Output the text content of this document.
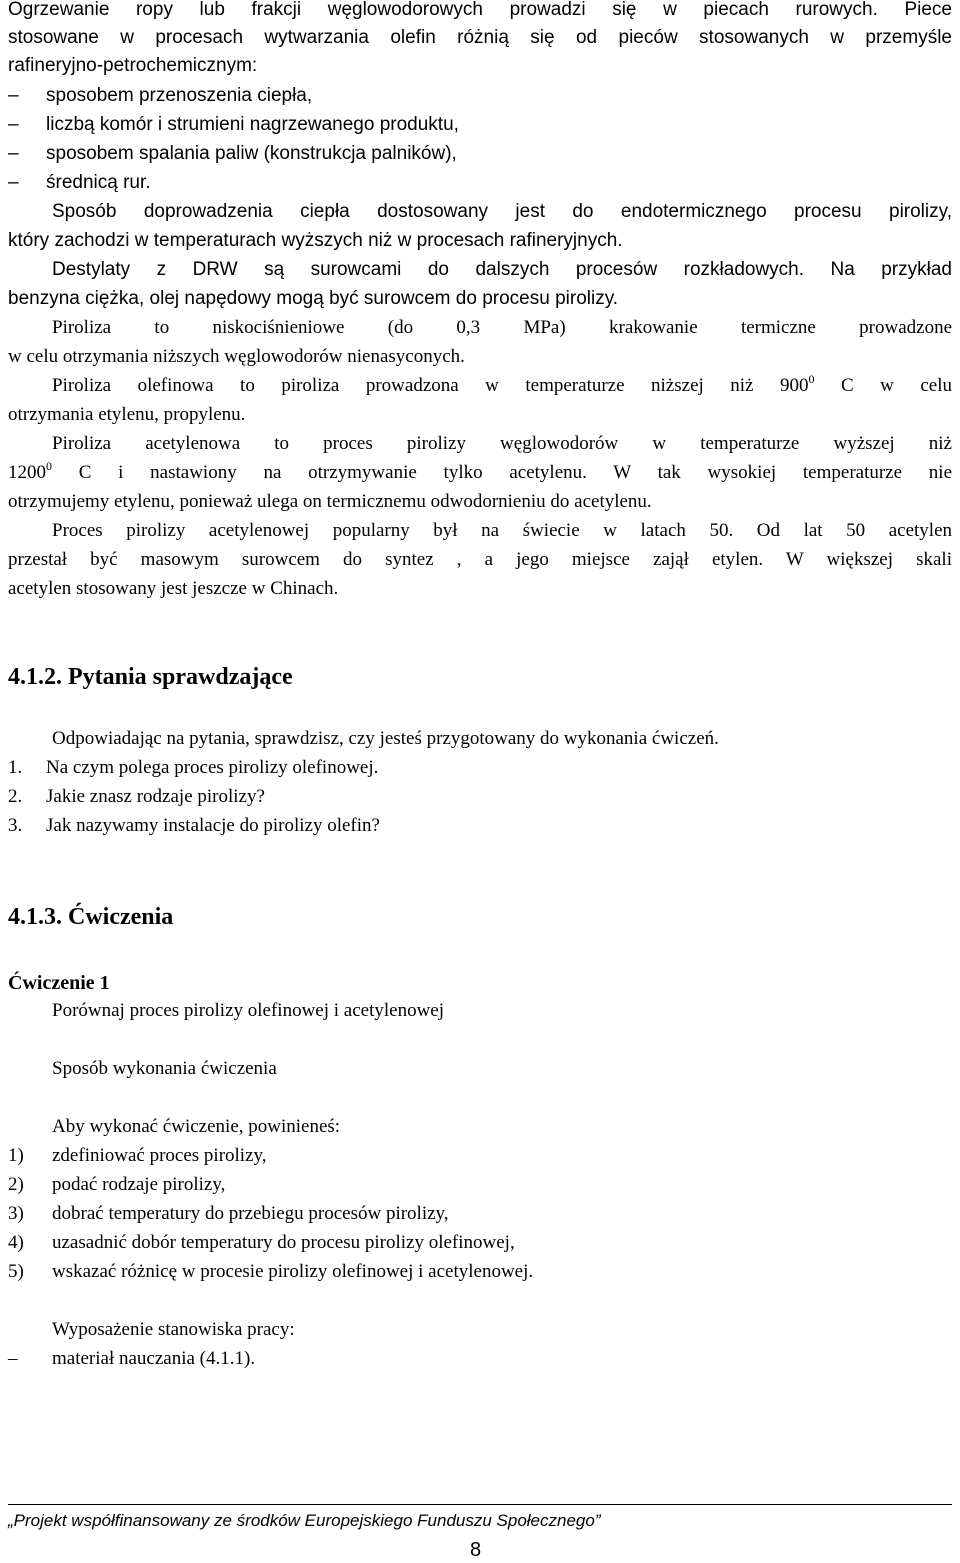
Ogrzewanie ropy lub frakcji węglowodorowych prowadzi się w piecach rurowych. Piece
stosowane w procesach wytwarzania olefin różnią się od pieców stosowanych w przemyśle
rafineryjno-petrochemicznym:
– sposobem przenoszenia ciepła,
– liczbą komór i strumieni nagrzewanego produktu,
– sposobem spalania paliw (konstrukcja palników),
– średnicą rur.
Sposób doprowadzenia ciepła dostosowany jest do endotermicznego procesu pirolizy,
który zachodzi w temperaturach wyższych niż w procesach rafineryjnych.
Destylaty z DRW są surowcami do dalszych procesów rozkładowych. Na przykład
benzyna ciężka, olej napędowy mogą być surowcem do procesu pirolizy.
Piroliza to niskociśnieniowe (do 0,3 MPa) krakowanie termiczne prowadzone
w celu otrzymania niższych węglowodorów nienasyconych.
Piroliza olefinowa to piroliza prowadzona w temperaturze niższej niż $900^0$ C w celu
otrzymania etylenu, propylenu.
Piroliza acetylenowa to proces pirolizy węglowodorów w temperaturze wyższej niż
1200$^0$ C i nastawiony na otrzymywanie tylko acetylenu. W tak wysokiej temperaturze nie
otrzymujemy etylenu, ponieważ ulega on termicznemu odwodornieniu do acetylenu.
Proces pirolizy acetylenowej popularny był na świecie w latach 50. Od lat 50 acetylen
przestał być masowym surowcem do syntez , a jego miejsce zajął etylen. W większej skali
acetylen stosowany jest jeszcze w Chinach.
4.1.2. Pytania sprawdzające
Odpowiadając na pytania, sprawdzisz, czy jesteś przygotowany do wykonania ćwiczeń.
1. Na czym polega proces pirolizy olefinowej.
2. Jakie znasz rodzaje pirolizy?
3. Jak nazywamy instalacje do pirolizy olefin?
4.1.3. Ćwiczenia
Ćwiczenie 1
Porównaj proces pirolizy olefinowej i acetylenowej
Sposób wykonania ćwiczenia
Aby wykonać ćwiczenie, powinieneś:
1) zdefiniować proces pirolizy,
2) podać rodzaje pirolizy,
3) dobrać temperatury do przebiegu procesów pirolizy,
4) uzasadnić dobór temperatury do procesu pirolizy olefinowej,
5) wskazać różnicę w procesie pirolizy olefinowej i acetylenowej.
Wyposażenie stanowiska pracy:
– materiał nauczania (4.1.1).
„Projekt współfinansowany ze środków Europejskiego Funduszu Społecznego”
8
